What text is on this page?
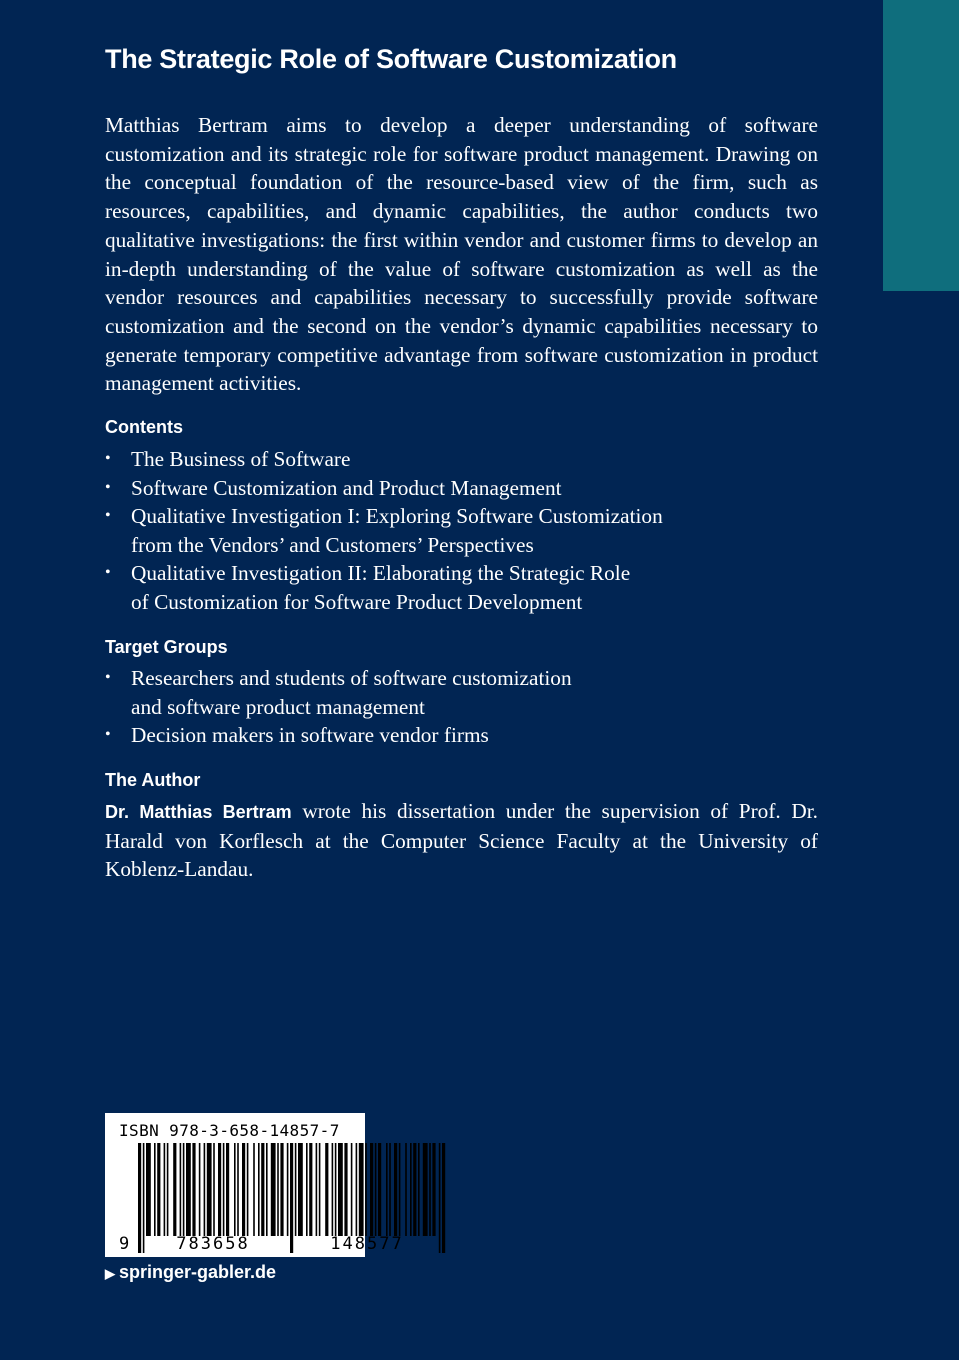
The Strategic Role of Software Customization
Matthias Bertram aims to develop a deeper understanding of software customization and its strategic role for software product management. Drawing on the conceptual foundation of the resource-based view of the firm, such as resources, capabilities, and dynamic capabilities, the author conducts two qualitative investigations: the first within vendor and customer firms to develop an in-depth understanding of the value of software customization as well as the vendor resources and capabilities necessary to successfully provide software customization and the second on the vendor’s dynamic capabilities necessary to generate temporary competitive advantage from software customization in product management activities.
Contents
• The Business of Software
• Software Customization and Product Management
• Qualitative Investigation I: Exploring Software Customization
from the Vendors’ and Customers’ Perspectives
• Qualitative Investigation II: Elaborating the Strategic Role
of Customization for Software Product Development
Target Groups
• Researchers and students of software customization
and software product management
• Decision makers in software vendor firms
The Author
Dr. Matthias Bertram wrote his dissertation under the supervision of Prof. Dr. Harald von Korflesch at the Computer Science Faculty at the University of Koblenz-Landau.
ISBN 978-3-658-14857-7
9	783658	148577
▶ springer-gabler.de
